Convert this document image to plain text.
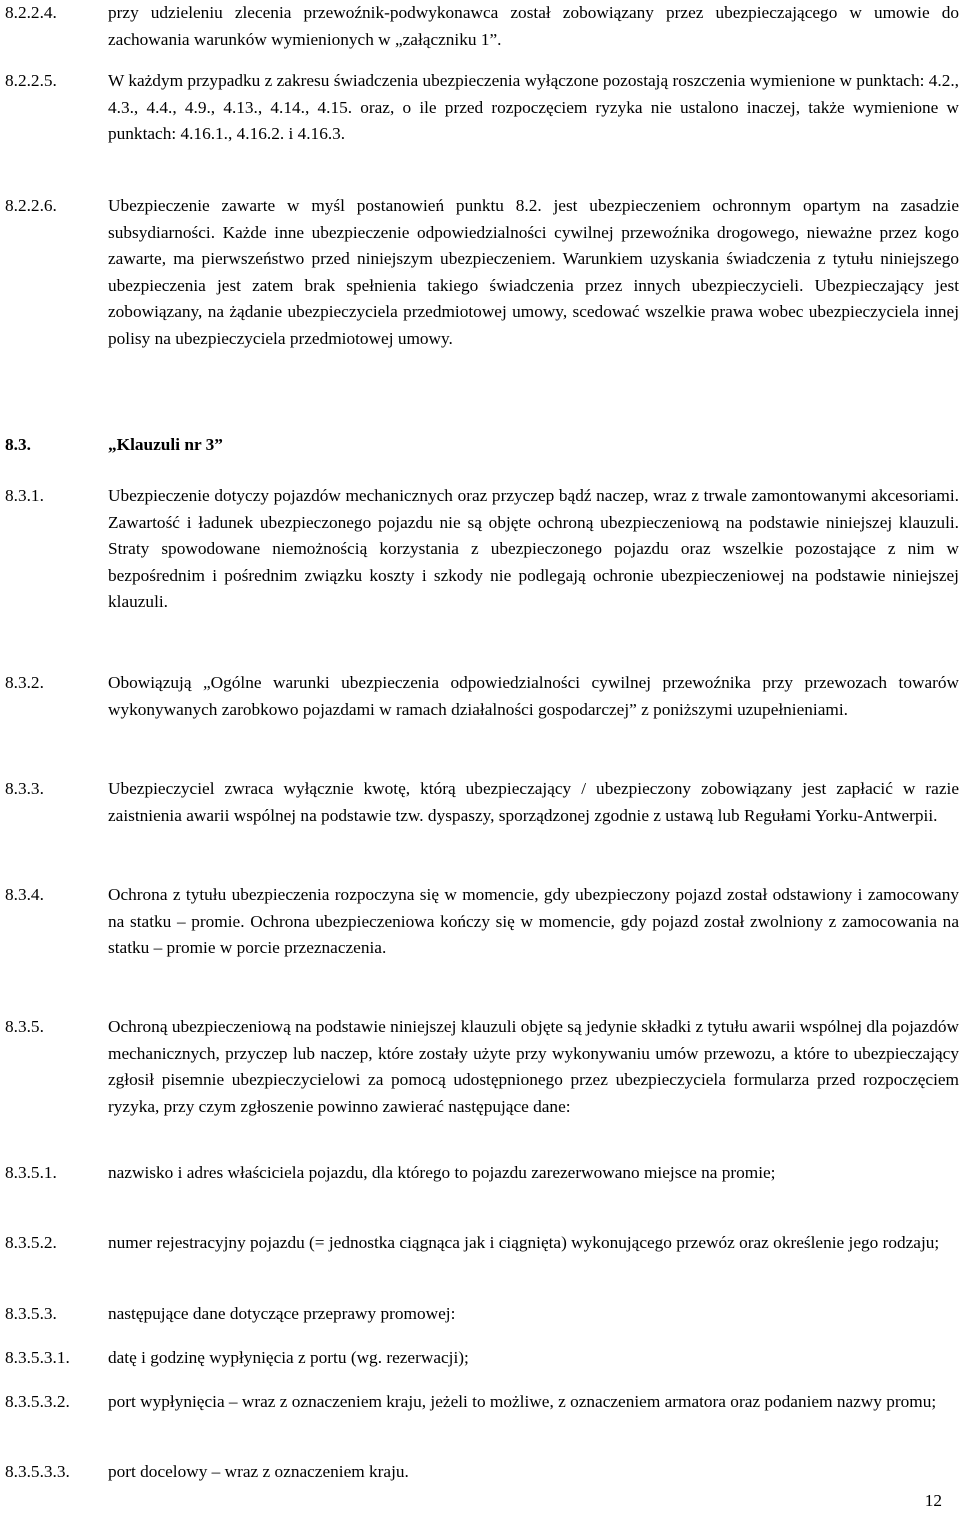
8.2.2.4.	przy udzieleniu zlecenia przewoźnik-podwykonawca został zobowiązany przez ubezpieczającego w umowie do zachowania warunków wymienionych w „załączniku 1”.
8.2.2.5.	W każdym przypadku z zakresu świadczenia ubezpieczenia wyłączone pozostają roszczenia wymienione w punktach: 4.2., 4.3., 4.4., 4.9., 4.13., 4.14., 4.15. oraz, o ile przed rozpoczęciem ryzyka nie ustalono inaczej, także wymienione w punktach: 4.16.1., 4.16.2. i 4.16.3.
8.2.2.6.	Ubezpieczenie zawarte w myśl postanowień punktu 8.2. jest ubezpieczeniem ochronnym opartym na zasadzie subsydiarności. Każde inne ubezpieczenie odpowiedzialności cywilnej przewoźnika drogowego, nieważne przez kogo zawarte, ma pierwszeństwo przed niniejszym ubezpieczeniem. Warunkiem uzyskania świadczenia z tytułu niniejszego ubezpieczenia jest zatem brak spełnienia takiego świadczenia przez innych ubezpieczycieli. Ubezpieczający jest zobowiązany, na żądanie ubezpieczyciela przedmiotowej umowy, scedować wszelkie prawa wobec ubezpieczyciela innej polisy na ubezpieczyciela przedmiotowej umowy.
8.3.	„Klauzuli nr 3”
8.3.1.	Ubezpieczenie dotyczy pojazdów mechanicznych oraz przyczep bądź naczep, wraz z trwale zamontowanymi akcesoriami. Zawartość i ładunek ubezpieczonego pojazdu nie są objęte ochroną ubezpieczeniową na podstawie niniejszej klauzuli. Straty spowodowane niemożnością korzystania z ubezpieczonego pojazdu oraz wszelkie pozostające z nim w bezpośrednim i pośrednim związku koszty i szkody nie podlegają ochronie ubezpieczeniowej na podstawie niniejszej klauzuli.
8.3.2.	Obowiązują „Ogólne warunki ubezpieczenia odpowiedzialności cywilnej przewoźnika przy przewozach towarów wykonywanych zarobkowo pojazdami w ramach działalności gospodarczej” z poniższymi uzupełnieniami.
8.3.3.	Ubezpieczyciel zwraca wyłącznie kwotę, którą ubezpieczający / ubezpieczony zobowiązany jest zapłacić w razie zaistnienia awarii wspólnej na podstawie tzw. dyspaszy, sporządzonej zgodnie z ustawą lub Regułami Yorku-Antwerpii.
8.3.4.	Ochrona z tytułu ubezpieczenia rozpoczyna się w momencie, gdy ubezpieczony pojazd został odstawiony i zamocowany na statku – promie. Ochrona ubezpieczeniowa kończy się w momencie, gdy pojazd został zwolniony z zamocowania na statku – promie w porcie przeznaczenia.
8.3.5.	Ochroną ubezpieczeniową na podstawie niniejszej klauzuli objęte są jedynie składki z tytułu awarii wspólnej dla pojazdów mechanicznych, przyczep lub naczep, które zostały użyte przy wykonywaniu umów przewozu, a które to ubezpieczający zgłosił pisemnie ubezpieczycielowi za pomocą udostępnionego przez ubezpieczyciela formularza przed rozpoczęciem ryzyka, przy czym zgłoszenie powinno zawierać następujące dane:
8.3.5.1.	nazwisko i adres właściciela pojazdu, dla którego to pojazdu zarezerwowano miejsce na promie;
8.3.5.2.	numer rejestracyjny pojazdu (= jednostka ciągnąca jak i ciągnięta) wykonującego przewóz oraz określenie jego rodzaju;
8.3.5.3.	następujące dane dotyczące przeprawy promowej:
8.3.5.3.1. datę i godzinę wypłynięcia z portu (wg. rezerwacji);
8.3.5.3.2. port wypłynięcia – wraz z oznaczeniem kraju, jeżeli to możliwe, z oznaczeniem armatora oraz podaniem nazwy promu;
8.3.5.3.3. port docelowy – wraz z oznaczeniem kraju.
12
